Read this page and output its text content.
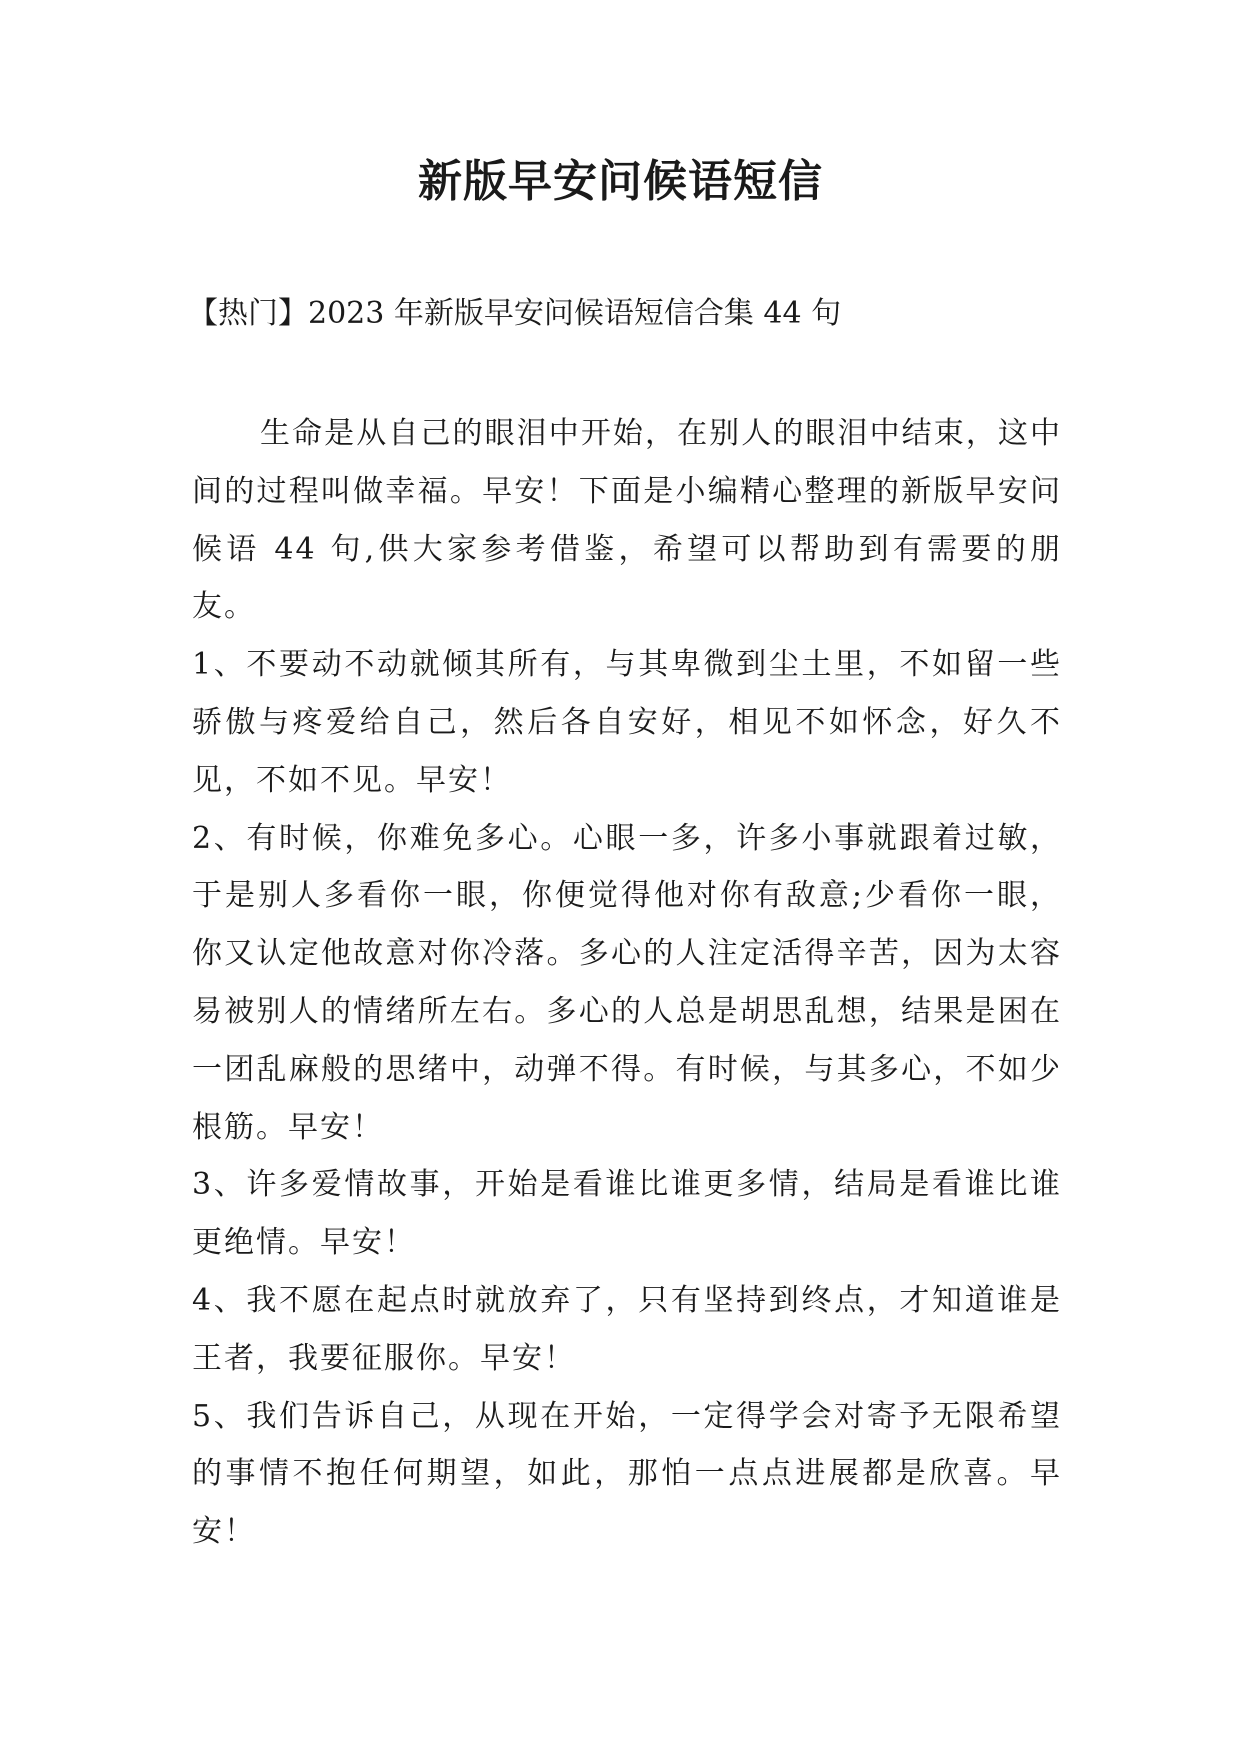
新版早安问候语短信

【热门】2023 年新版早安问候语短信合集 44 句

生命是从自己的眼泪中开始，在别人的眼泪中结束，这中间的过程叫做幸福。早安！下面是小编精心整理的新版早安问候语 44 句,供大家参考借鉴，希望可以帮助到有需要的朋友。

1、不要动不动就倾其所有，与其卑微到尘土里，不如留一些骄傲与疼爱给自己，然后各自安好，相见不如怀念，好久不见，不如不见。早安！

2、有时候，你难免多心。心眼一多，许多小事就跟着过敏，于是别人多看你一眼，你便觉得他对你有敌意;少看你一眼，你又认定他故意对你冷落。多心的人注定活得辛苦，因为太容易被别人的情绪所左右。多心的人总是胡思乱想，结果是困在一团乱麻般的思绪中，动弹不得。有时候，与其多心，不如少根筋。早安！

3、许多爱情故事，开始是看谁比谁更多情，结局是看谁比谁更绝情。早安！

4、我不愿在起点时就放弃了，只有坚持到终点，才知道谁是王者，我要征服你。早安！

5、我们告诉自己，从现在开始，一定得学会对寄予无限希望的事情不抱任何期望，如此，那怕一点点进展都是欣喜。早安！
